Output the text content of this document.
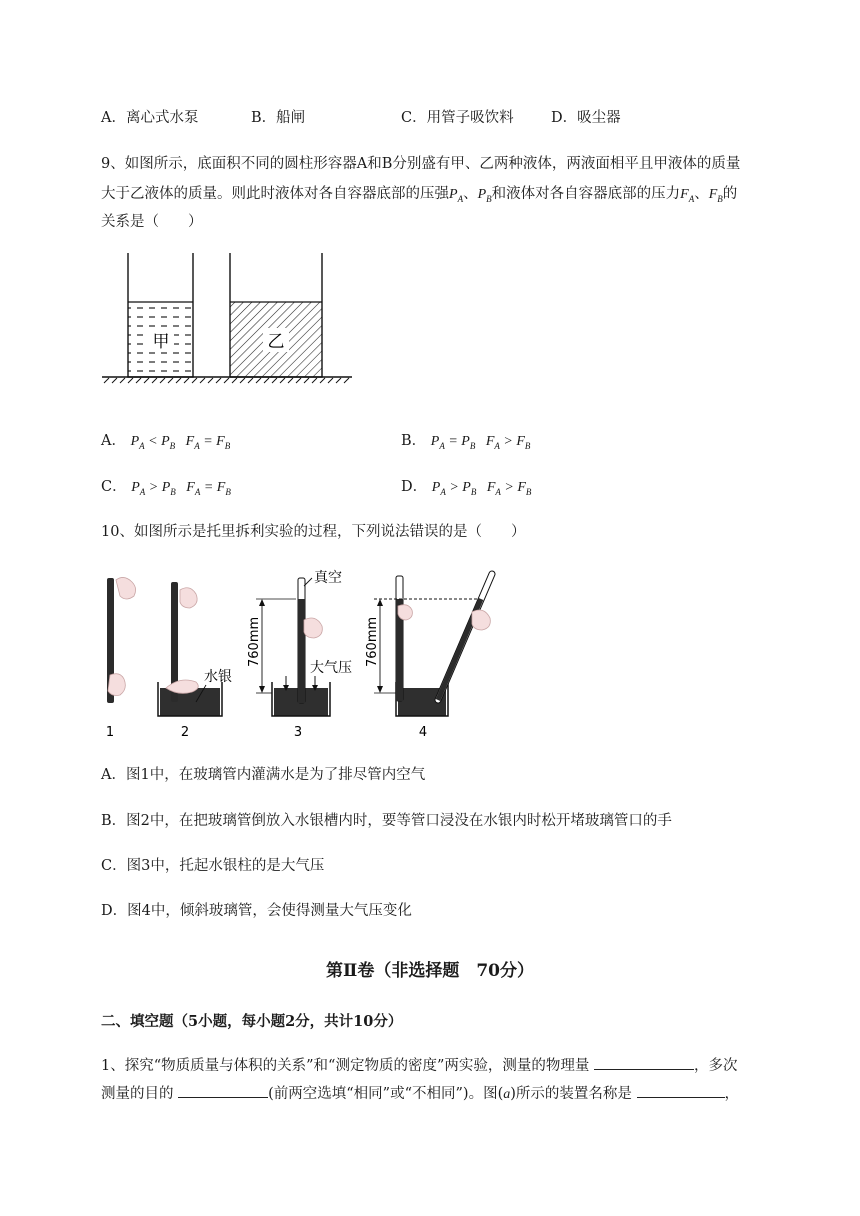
A．离心式水泵	B．船闸	C．用管子吸饮料	D．吸尘器
9、如图所示，底面积不同的圆柱形容器A和B分别盛有甲、乙两种液体，两液面相平且甲液体的质量
大于乙液体的质量。则此时液体对各自容器底部的压强$P_A$、$P_B$和液体对各自容器底部的压力$F_A$、$F_B$的
关系是（　　）
甲	乙
A． $P_A < P_B$   $F_A = F_B$	B． $P_A = P_B$   $F_A > F_B$
C． $P_A > P_B$   $F_A = F_B$	D． $P_A > P_B$   $F_A > F_B$
10、如图所示是托里拆利实验的过程，下列说法错误的是（　　）
1
水银
2
真空
760mm
大气压
3
760mm
4
A．图1中，在玻璃管内灌满水是为了排尽管内空气
B．图2中，在把玻璃管倒放入水银槽内时，要等管口浸没在水银内时松开堵玻璃管口的手
C．图3中，托起水银柱的是大气压
D．图4中，倾斜玻璃管，会使得测量大气压变化
第Ⅱ卷（非选择题　70分）
二、填空题（5小题，每小题2分，共计10分）
1、探究“物质质量与体积的关系”和“测定物质的密度”两实验，测量的物理量	，多次
测量的目的	(前两空选填“相同”或“不相同”)。图(a)所示的装置名称是	，
